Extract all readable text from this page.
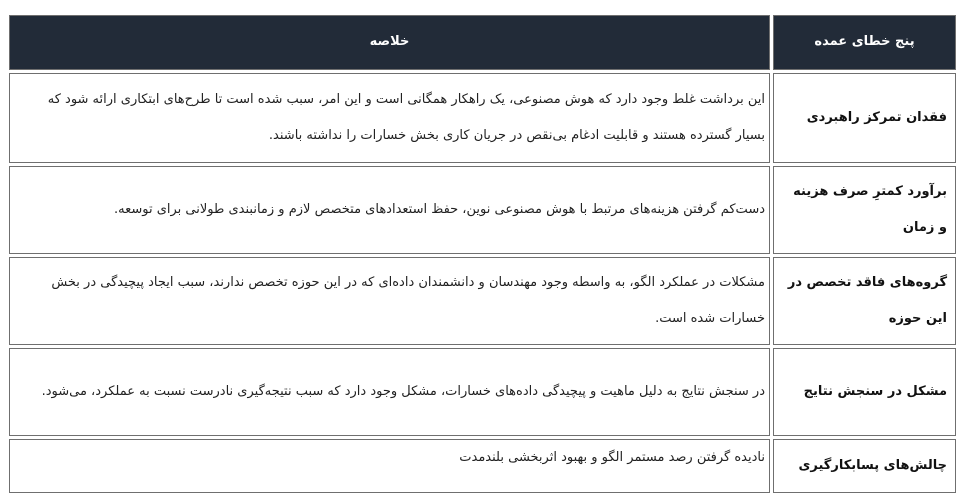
پنج خطای عمده	خلاصه
فقدان تمرکز راهبردی	این برداشت غلط وجود دارد که هوش مصنوعی، یک راهکار همگانی است و این امر، سبب شده است تا طرح‌های ابتکاری ارائه شود که بسیار گسترده هستند و قابلیت ادغام بی‌نقص در جریان کاری بخش خسارات را نداشته باشند.
برآورد کمترِ صرف هزینه و زمان	دست‌کم گرفتن هزینه‌های مرتبط با هوش مصنوعی نوین، حفظ استعدادهای متخصص لازم و زمانبندی طولانی برای توسعه.
گروه‌های فاقد تخصص در این حوزه	مشکلات در عملکرد الگو، به واسطه وجود مهندسان و دانشمندان داده‌ای که در این حوزه تخصص ندارند، سبب ایجاد پیچیدگی در بخش خسارات شده است.
مشکل در سنجش نتایج	در سنجش نتایج به دلیل ماهیت و پیچیدگی داده‌های خسارات، مشکل وجود دارد که سبب نتیجه‌گیری نادرست نسبت به عملکرد، می‌شود.
چالش‌های پسابکارگیری	نادیده گرفتن رصد مستمر الگو و بهبود اثربخشی بلندمدت
